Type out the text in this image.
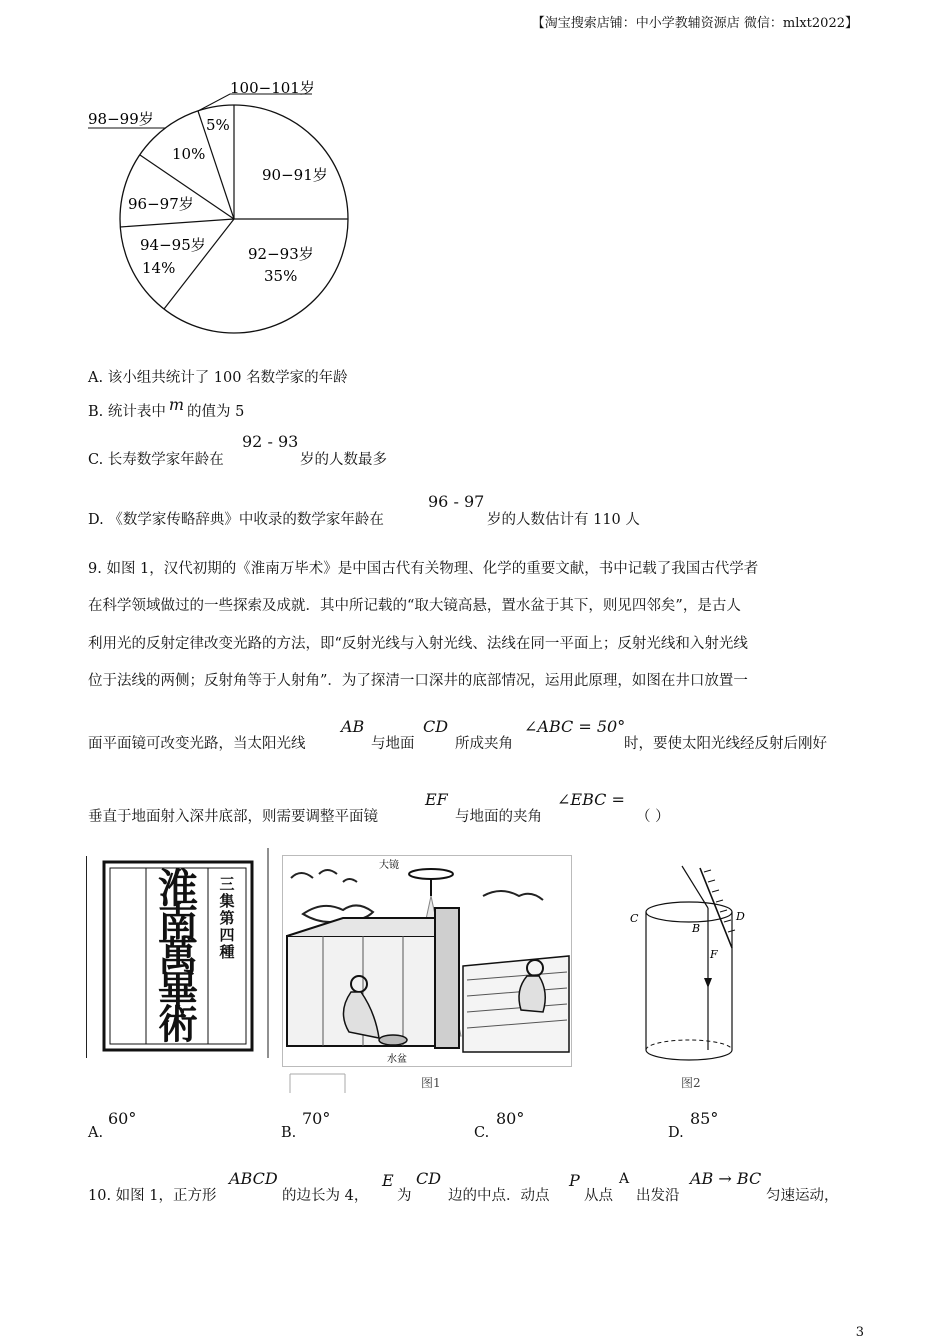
【淘宝搜索店铺：中小学教辅资源店 微信：mlxt2022】
100−101岁
98−99岁	5%
10%
90−91岁
96−97岁
94−95岁
14%
92−93岁
35%
A. 该小组共统计了 100 名数学家的年龄
B. 统计表中 m 的值为 5
C. 长寿数学家年龄在
92 - 93
岁的人数最多
D. 《数学家传略辞典》中收录的数学家年龄在
96 - 97
岁的人数估计有 110 人
9. 如图 1，汉代初期的《淮南万毕术》是中国古代有关物理、化学的重要文献，书中记载了我国古代学者
在科学领域做过的一些探索及成就．其中所记载的“取大镜高悬，置水盆于其下，则见四邻矣”，是古人
利用光的反射定律改变光路的方法，即“反射光线与入射光线、法线在同一平面上；反射光线和入射光线
位于法线的两侧；反射角等于人射角”．为了探清一口深井的底部情况，运用此原理，如图在井口放置一
面平面镜可改变光路，当太阳光线
AB
与地面
CD
所成夹角
∠ABC = 50°
时，要使太阳光线经反射后刚好
垂直于地面射入深井底部，则需要调整平面镜
EF
与地面的夹角
∠EBC =
（ ）
淮南萬畢術
三集第四種
大镜
水盆
图1
C	D
B
F
图2
A.
60°
B.
70°
C.
80°
D.
85°
10. 如图 1，正方形
ABCD
的边长为 4，
E
为
CD
边的中点．动点
P
从点
A
出发沿
AB → BC
匀速运动，
3
